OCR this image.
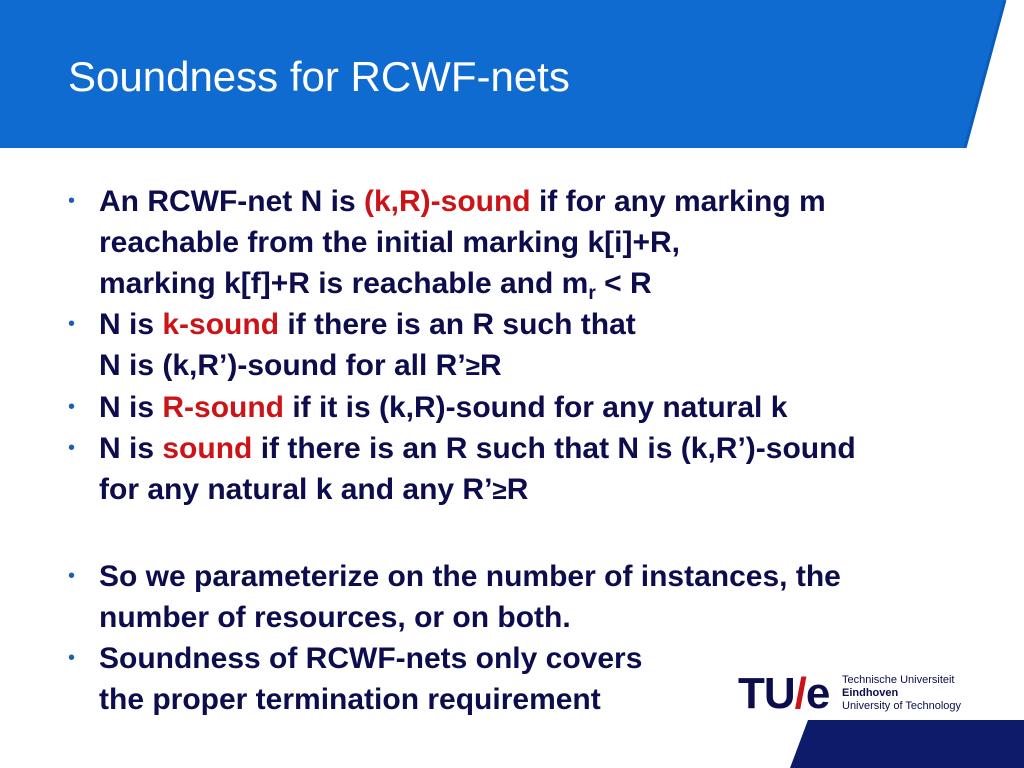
Soundness for RCWF-nets
• An RCWF-net N is (k,R)-sound if for any marking m
reachable from the initial marking k[i]+R,
marking k[f]+R is reachable and $m_r < R$
• N is k-sound if there is an R such that
N is (k,R’)-sound for all R’≥R
• N is R-sound if it is (k,R)-sound for any natural k
• N is sound if there is an R such that N is (k,R’)-sound
for any natural k and any R’≥R
• So we parameterize on the number of instances, the
number of resources, or on both.
• Soundness of RCWF-nets only covers
the proper termination requirement	TU/e Technische Universiteit
Eindhoven
University of Technology
